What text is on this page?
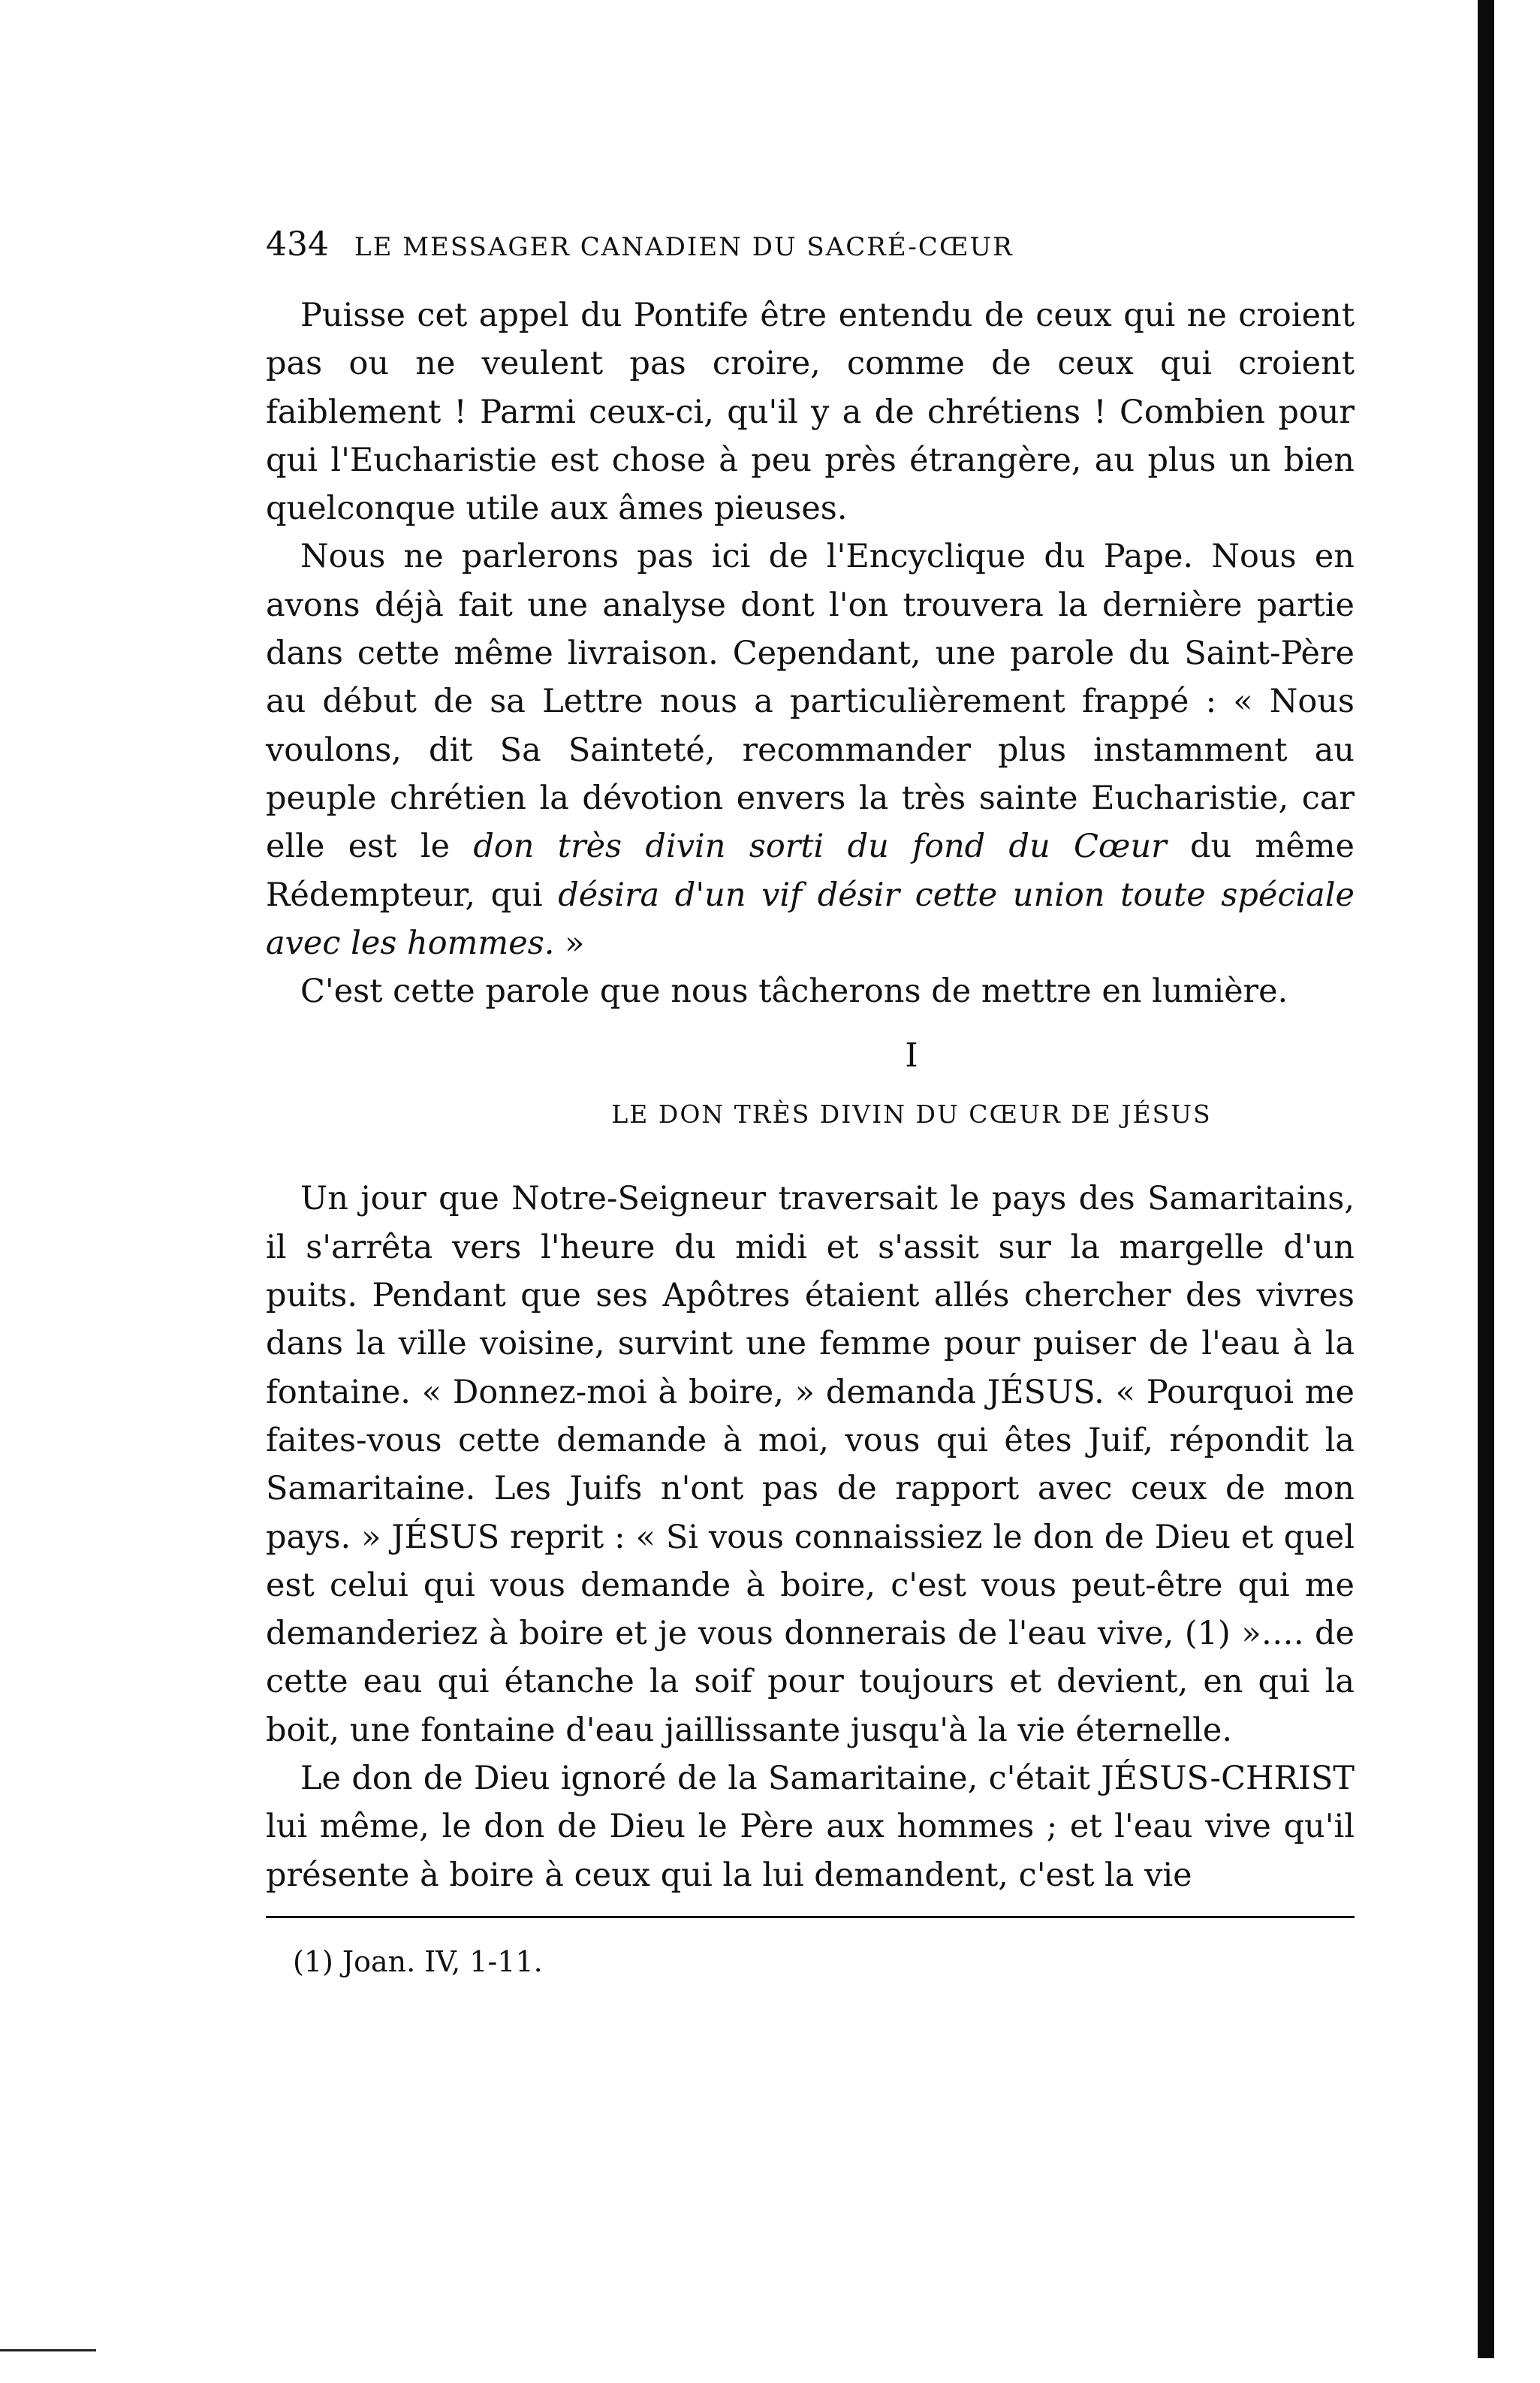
434	LE MESSAGER CANADIEN DU SACRÉ-CŒUR

Puisse cet appel du Pontife être entendu de ceux qui ne croient pas ou ne veulent pas croire, comme de ceux qui croient faiblement ! Parmi ceux-ci, qu'il y a de chrétiens ! Combien pour qui l'Eucharistie est chose à peu près étrangère, au plus un bien quelconque utile aux âmes pieuses.

Nous ne parlerons pas ici de l'Encyclique du Pape. Nous en avons déjà fait une analyse dont l'on trouvera la dernière partie dans cette même livraison. Cependant, une parole du Saint-Père au début de sa Lettre nous a particulièrement frappé : « Nous voulons, dit Sa Sainteté, recommander plus instamment au peuple chrétien la dévotion envers la très sainte Eucharistie, car elle est le don très divin sorti du fond du Cœur du même Rédempteur, qui désira d'un vif désir cette union toute spéciale avec les hommes. »

C'est cette parole que nous tâcherons de mettre en lumière.

I
LE DON TRÈS DIVIN DU CŒUR DE JÉSUS

Un jour que Notre-Seigneur traversait le pays des Samaritains, il s'arrêta vers l'heure du midi et s'assit sur la margelle d'un puits. Pendant que ses Apôtres étaient allés chercher des vivres dans la ville voisine, survint une femme pour puiser de l'eau à la fontaine. « Donnez-moi à boire, » demanda JÉSUS. « Pourquoi me faites-vous cette demande à moi, vous qui êtes Juif, répondit la Samaritaine. Les Juifs n'ont pas de rapport avec ceux de mon pays. » JÉSUS reprit : « Si vous connaissiez le don de Dieu et quel est celui qui vous demande à boire, c'est vous peut-être qui me demanderiez à boire et je vous donnerais de l'eau vive, (1) »…. de cette eau qui étanche la soif pour toujours et devient, en qui la boit, une fontaine d'eau jaillissante jusqu'à la vie éternelle.

Le don de Dieu ignoré de la Samaritaine, c'était JÉSUS-CHRIST lui même, le don de Dieu le Père aux hommes ; et l'eau vive qu'il présente à boire à ceux qui la lui demandent, c'est la vie

(1) Joan. IV, 1-11.
